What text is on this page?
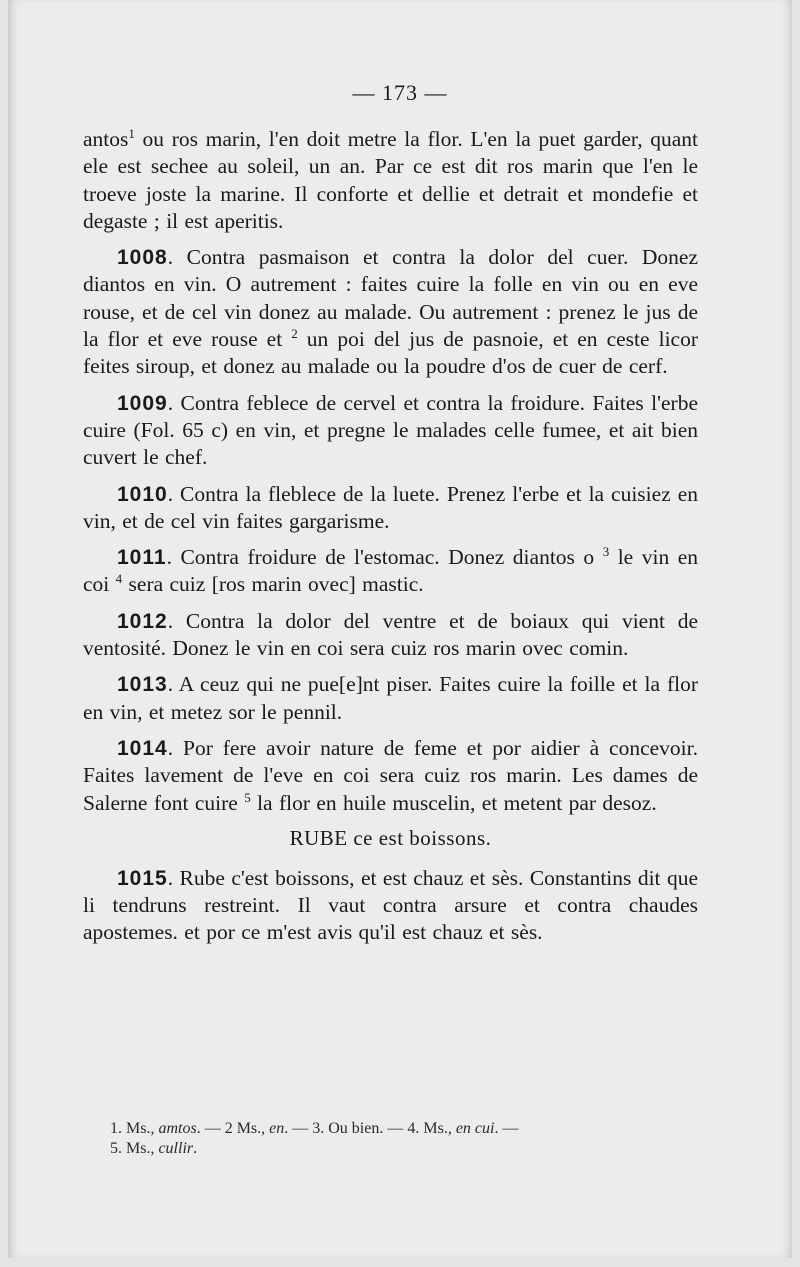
— 173 —

antos$^1$ ou ros marin, l'en doit metre la flor. L'en la puet garder, quant ele est sechee au soleil, un an. Par ce est dit ros marin que l'en le troeve joste la marine. Il conforte et dellie et detrait et mondefie et degaste ; il est aperitis.

1008. Contra pasmaison et contra la dolor del cuer. Donez diantos en vin. O autrement : faites cuire la folle en vin ou en eve rouse, et de cel vin donez au malade. Ou autrement : prenez le jus de la flor et eve rouse et $^2$ un poi del jus de pasnoie, et en ceste licor feites siroup, et donez au malade ou la poudre d'os de cuer de cerf.

1009. Contra feblece de cervel et contra la froidure. Faites l'erbe cuire (Fol. 65 c) en vin, et pregne le malades celle fumee, et ait bien cuvert le chef.

1010. Contra la fleblece de la luete. Prenez l'erbe et la cuisiez en vin, et de cel vin faites gargarisme.

1011. Contra froidure de l'estomac. Donez diantos o $^3$ le vin en coi $^4$ sera cuiz [ros marin ovec] mastic.

1012. Contra la dolor del ventre et de boiaux qui vient de ventosité. Donez le vin en coi sera cuiz ros marin ovec comin.

1013. A ceuz qui ne pue[e]nt piser. Faites cuire la foille et la flor en vin, et metez sor le pennil.

1014. Por fere avoir nature de feme et por aidier à concevoir. Faites lavement de l'eve en coi sera cuiz ros marin. Les dames de Salerne font cuire $^5$ la flor en huile muscelin, et metent par desoz.

RUBE ce est boissons.

1015. Rube c'est boissons, et est chauz et sès. Constantins dit que li tendruns restreint. Il vaut contra arsure et contra chaudes apostemes. et por ce m'est avis qu'il est chauz et sès.

1. Ms., amtos. — 2 Ms., en. — 3. Ou bien. — 4. Ms., en cui. —
5. Ms., cullir.
